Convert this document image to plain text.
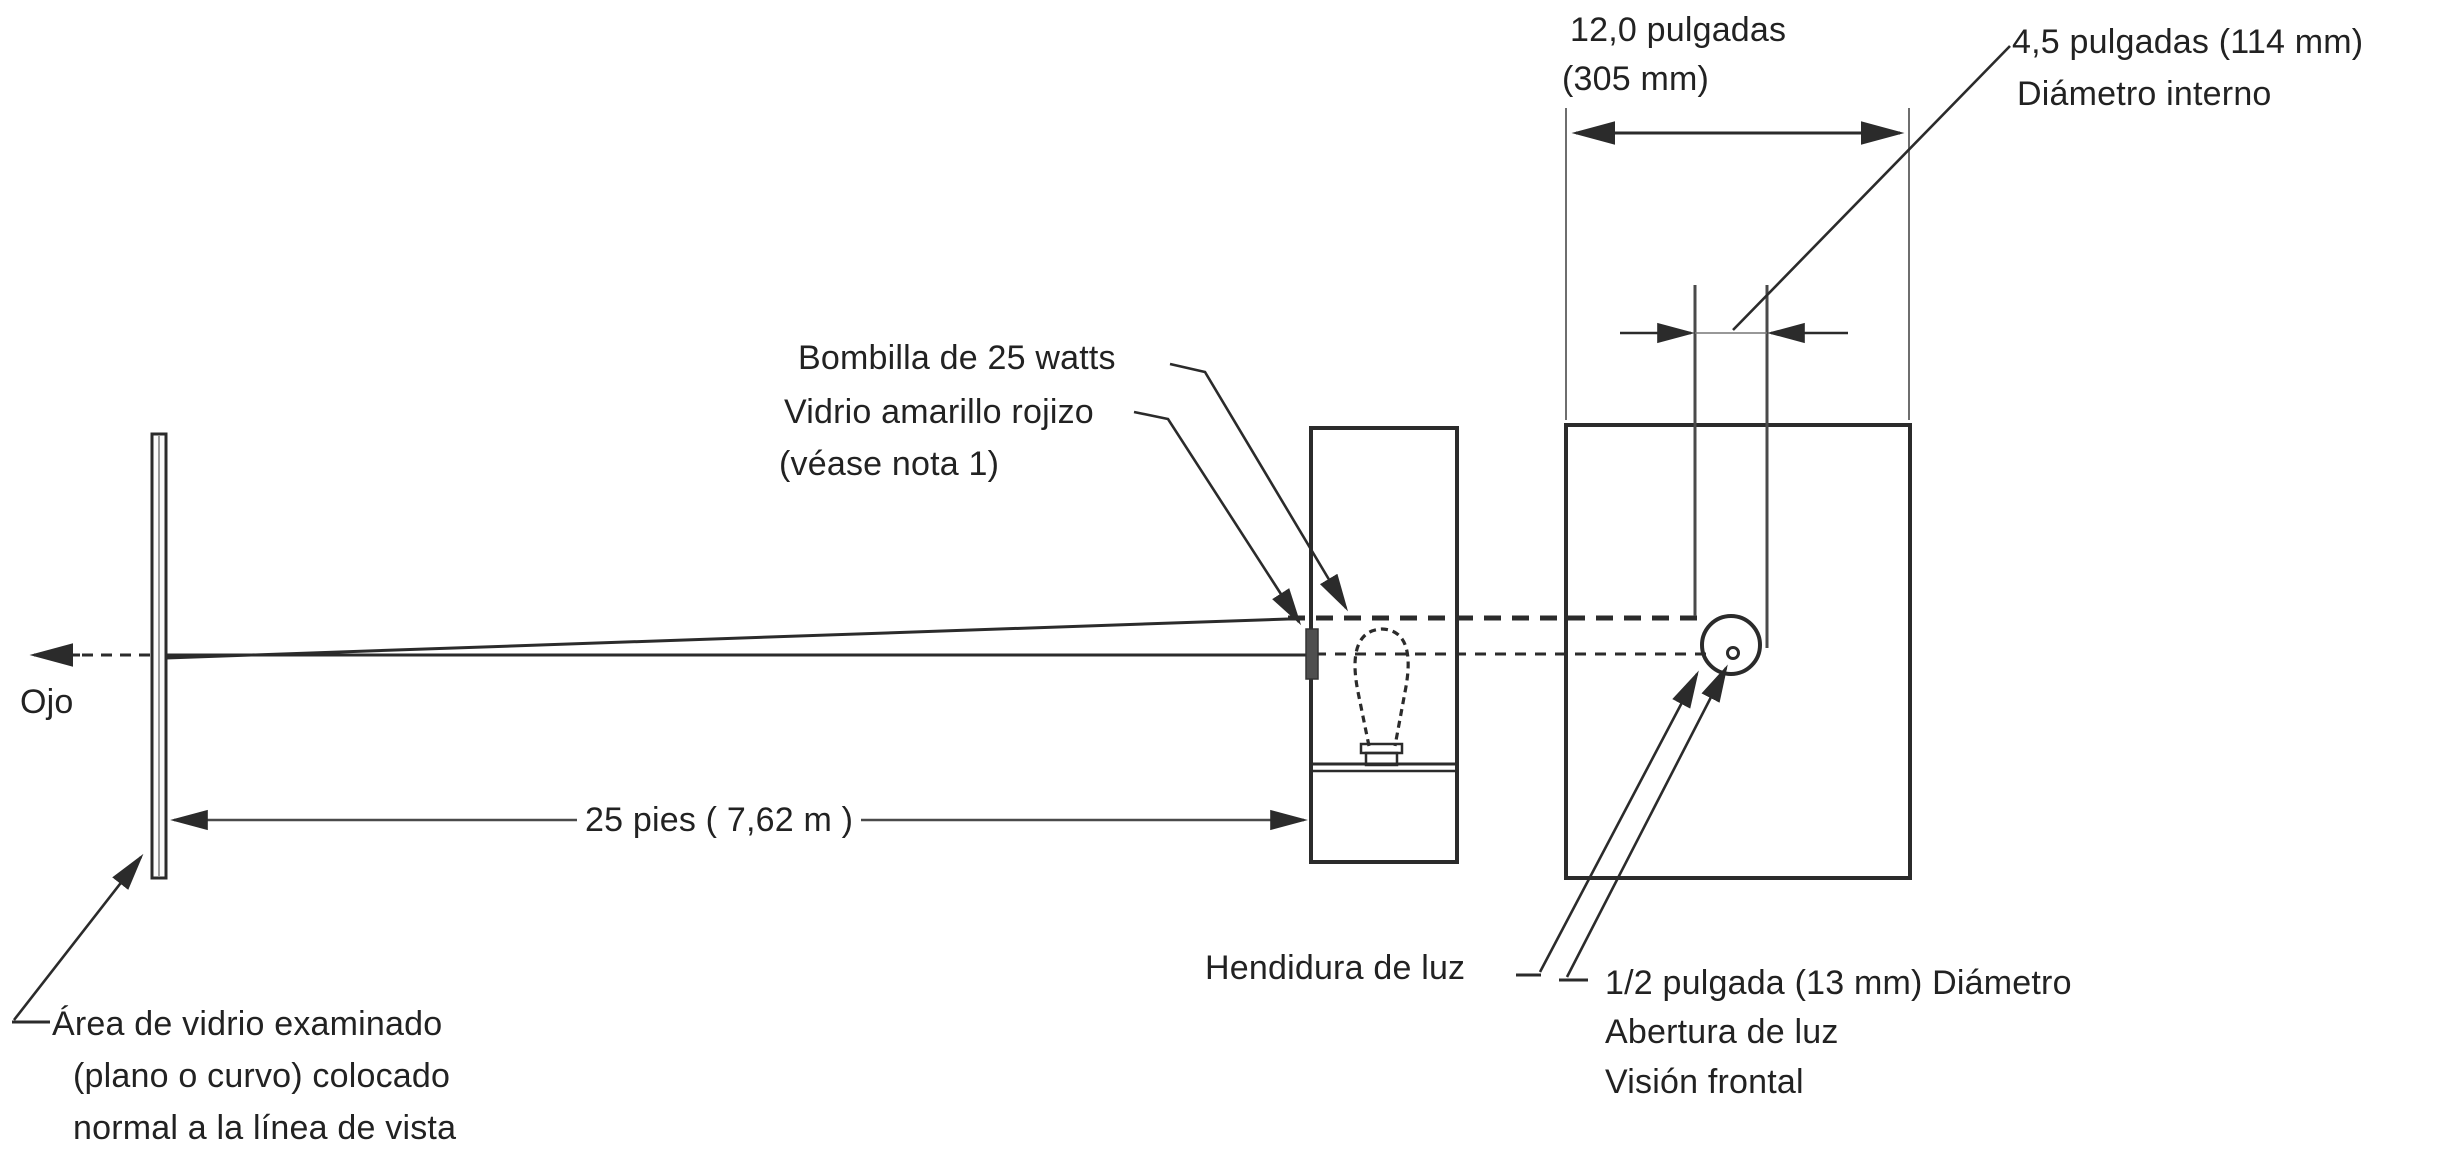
Ojo
25 pies ( 7,62 m )
Bombilla de 25 watts
Vidrio amarillo rojizo
(véase nota 1)
12,0 pulgadas
(305 mm)
4,5 pulgadas (114 mm)
Diámetro interno
Hendidura de luz	1/2 pulgada (13 mm) Diámetro
Abertura de luz
Visión frontal
Área de vidrio examinado
(plano o curvo) colocado
normal a la línea de vista
